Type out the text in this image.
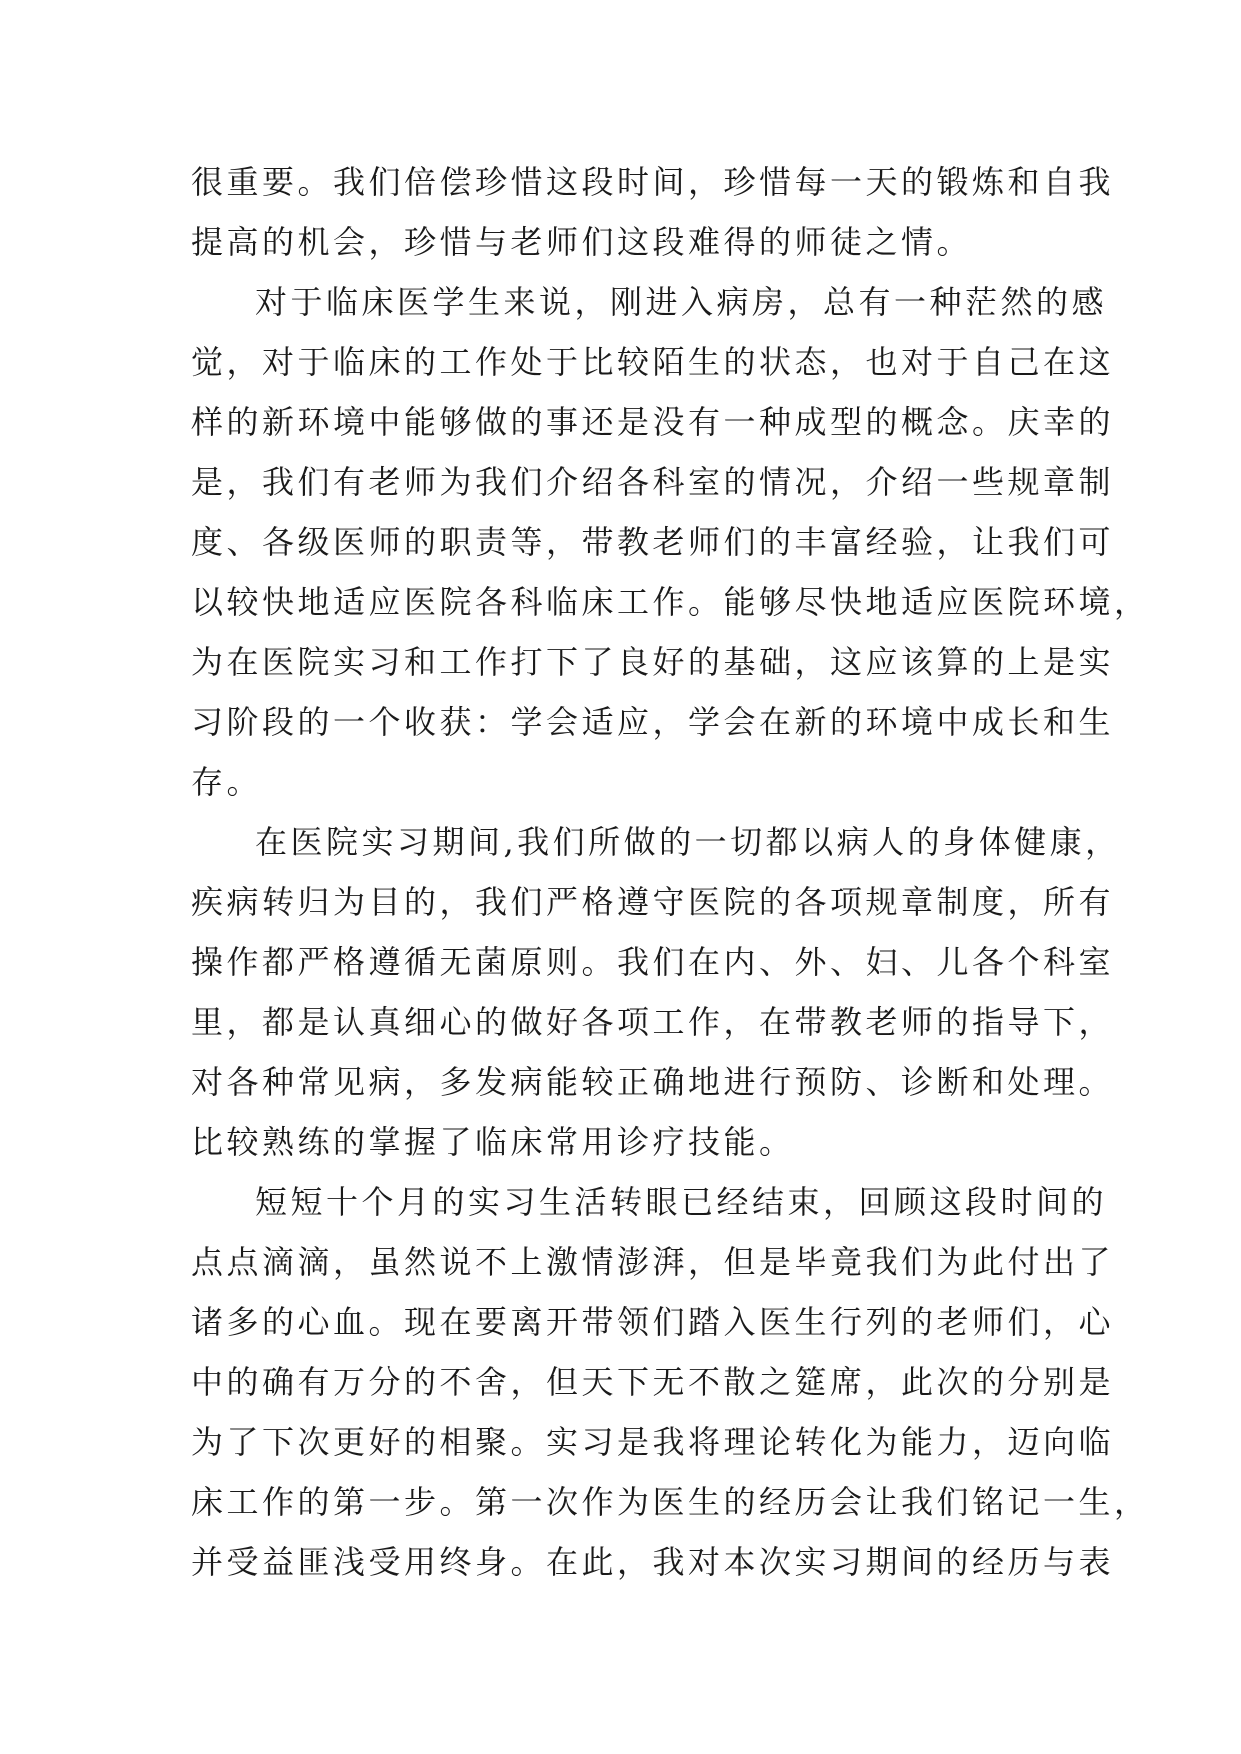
很重要。我们倍偿珍惜这段时间，珍惜每一天的锻炼和自我
提高的机会，珍惜与老师们这段难得的师徒之情。
对于临床医学生来说，刚进入病房，总有一种茫然的感
觉，对于临床的工作处于比较陌生的状态，也对于自己在这
样的新环境中能够做的事还是没有一种成型的概念。庆幸的
是，我们有老师为我们介绍各科室的情况，介绍一些规章制
度、各级医师的职责等，带教老师们的丰富经验，让我们可
以较快地适应医院各科临床工作。能够尽快地适应医院环境，
为在医院实习和工作打下了良好的基础，这应该算的上是实
习阶段的一个收获：学会适应，学会在新的环境中成长和生
存。
在医院实习期间,我们所做的一切都以病人的身体健康，
疾病转归为目的，我们严格遵守医院的各项规章制度，所有
操作都严格遵循无菌原则。我们在内、外、妇、儿各个科室
里，都是认真细心的做好各项工作，在带教老师的指导下，
对各种常见病，多发病能较正确地进行预防、诊断和处理。
比较熟练的掌握了临床常用诊疗技能。
短短十个月的实习生活转眼已经结束，回顾这段时间的
点点滴滴，虽然说不上激情澎湃，但是毕竟我们为此付出了
诸多的心血。现在要离开带领们踏入医生行列的老师们，心
中的确有万分的不舍，但天下无不散之筵席，此次的分别是
为了下次更好的相聚。实习是我将理论转化为能力，迈向临
床工作的第一步。第一次作为医生的经历会让我们铭记一生，
并受益匪浅受用终身。在此，我对本次实习期间的经历与表
